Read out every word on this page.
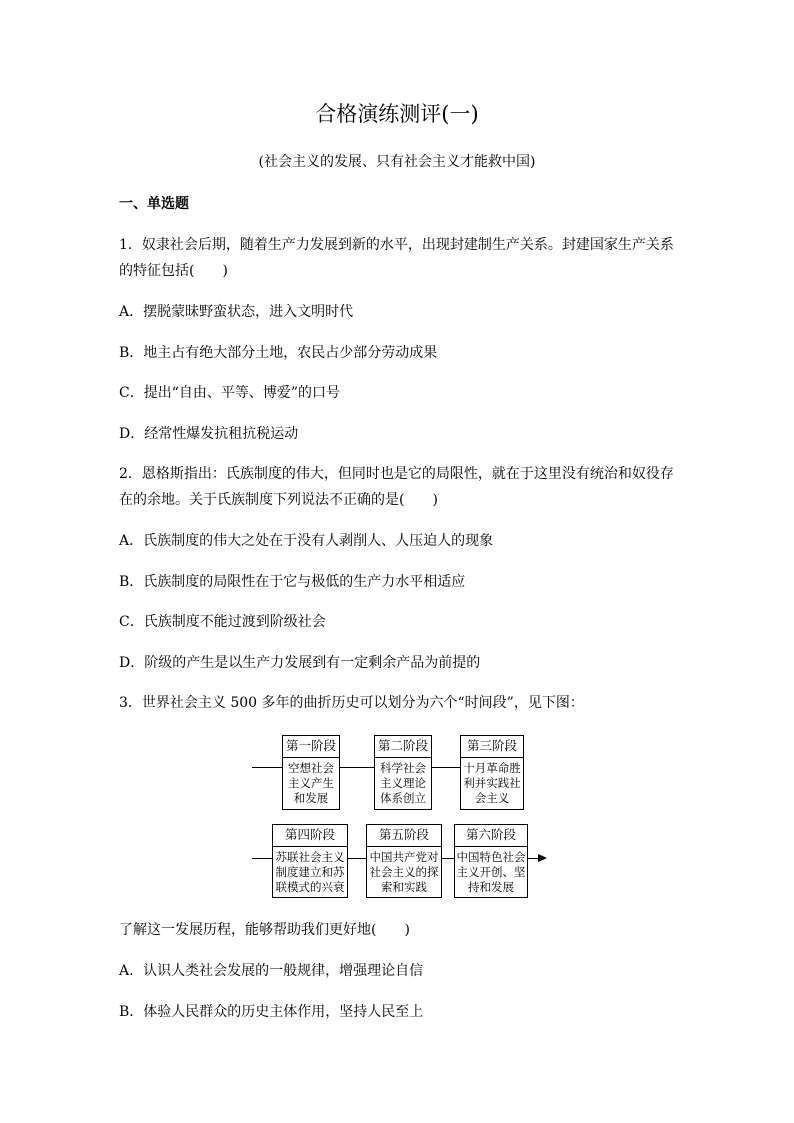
合格演练测评(一)
(社会主义的发展、只有社会主义才能救中国)
一、单选题
1．奴隶社会后期，随着生产力发展到新的水平，出现封建制生产关系。封建国家生产关系
的特征包括(　　)
A．摆脱蒙昧野蛮状态，进入文明时代
B．地主占有绝大部分土地，农民占少部分劳动成果
C．提出“自由、平等、博爱”的口号
D．经常性爆发抗租抗税运动
2．恩格斯指出：氏族制度的伟大，但同时也是它的局限性，就在于这里没有统治和奴役存
在的余地。关于氏族制度下列说法不正确的是(　　)
A．氏族制度的伟大之处在于没有人剥削人、人压迫人的现象
B．氏族制度的局限性在于它与极低的生产力水平相适应
C．氏族制度不能过渡到阶级社会
D．阶级的产生是以生产力发展到有一定剩余产品为前提的
3．世界社会主义 500 多年的曲折历史可以划分为六个“时间段”，见下图：
第一阶段
空想社会
主义产生
和发展
第二阶段
科学社会
主义理论
体系创立
第三阶段
十月革命胜
利并实践社
会主义
第四阶段
苏联社会主义
制度建立和苏
联模式的兴衰
第五阶段
中国共产党对
社会主义的探
索和实践
第六阶段
中国特色社会
主义开创、坚
持和发展
了解这一发展历程，能够帮助我们更好地(　　)
A．认识人类社会发展的一般规律，增强理论自信
B．体验人民群众的历史主体作用，坚持人民至上
